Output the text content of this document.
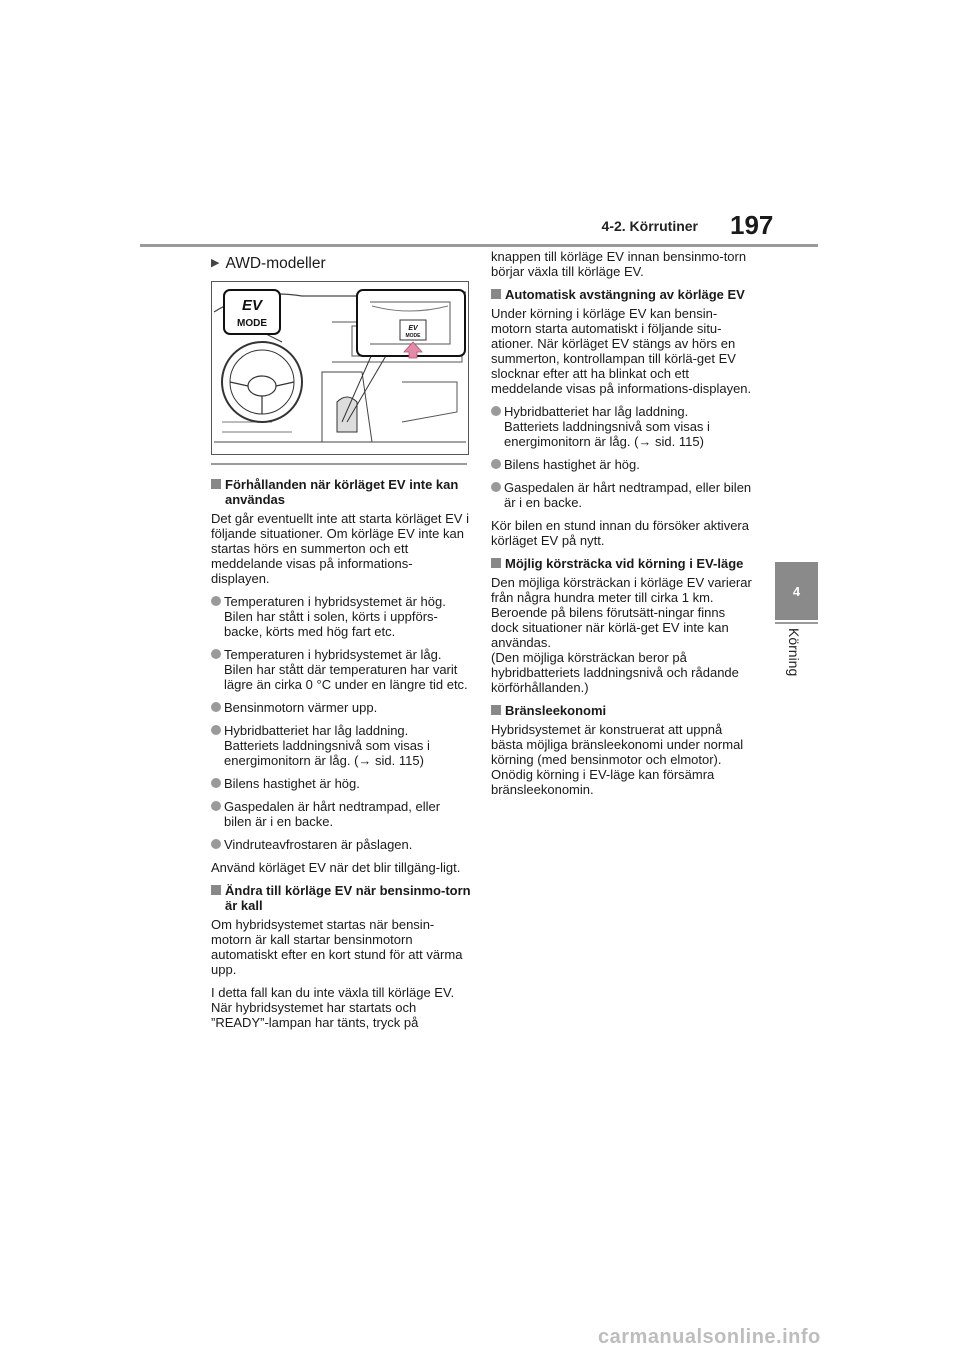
4-2. Körrutiner 197
4
Körning
▶ AWD-modeller
EV
MODE	EV
MODE
Förhållanden när körläget EV inte kan användas
Det går eventuellt inte att starta körläget EV i följande situationer. Om körläge EV inte kan startas hörs en summerton och ett meddelande visas på informations-displayen.
Temperaturen i hybridsystemet är hög.
Bilen har stått i solen, körts i uppförs-backe, körts med hög fart etc.
Temperaturen i hybridsystemet är låg.
Bilen har stått där temperaturen har varit lägre än cirka 0 °C under en längre tid etc.
Bensinmotorn värmer upp.
Hybridbatteriet har låg laddning.
Batteriets laddningsnivå som visas i energimonitorn är låg. (→ sid. 115)
Bilens hastighet är hög.
Gaspedalen är hårt nedtrampad, eller bilen är i en backe.
Vindruteavfrostaren är påslagen.
Använd körläget EV när det blir tillgäng-ligt.
Ändra till körläge EV när bensinmo-torn är kall
Om hybridsystemet startas när bensin-motorn är kall startar bensinmotorn automatiskt efter en kort stund för att värma upp.
I detta fall kan du inte växla till körläge EV. När hybridsystemet har startats och ”READY”-lampan har tänts, tryck på
knappen till körläge EV innan bensinmo-torn börjar växla till körläge EV.
Automatisk avstängning av körläge EV
Under körning i körläge EV kan bensin-motorn starta automatiskt i följande situ-ationer. När körläget EV stängs av hörs en summerton, kontrollampan till körlä-get EV slocknar efter att ha blinkat och ett meddelande visas på informations-displayen.
Hybridbatteriet har låg laddning.
Batteriets laddningsnivå som visas i energimonitorn är låg. (→ sid. 115)
Bilens hastighet är hög.
Gaspedalen är hårt nedtrampad, eller bilen är i en backe.
Kör bilen en stund innan du försöker aktivera körläget EV på nytt.
Möjlig körsträcka vid körning i EV-läge
Den möjliga körsträckan i körläge EV varierar från några hundra meter till cirka 1 km. Beroende på bilens förutsätt-ningar finns dock situationer när körlä-get EV inte kan användas.
(Den möjliga körsträckan beror på hybridbatteriets laddningsnivå och rådande körförhållanden.)
Bränsleekonomi
Hybridsystemet är konstruerat att uppnå bästa möjliga bränsleekonomi under normal körning (med bensinmotor och elmotor). Onödig körning i EV-läge kan försämra bränsleekonomin.
carmanualsonline.info
